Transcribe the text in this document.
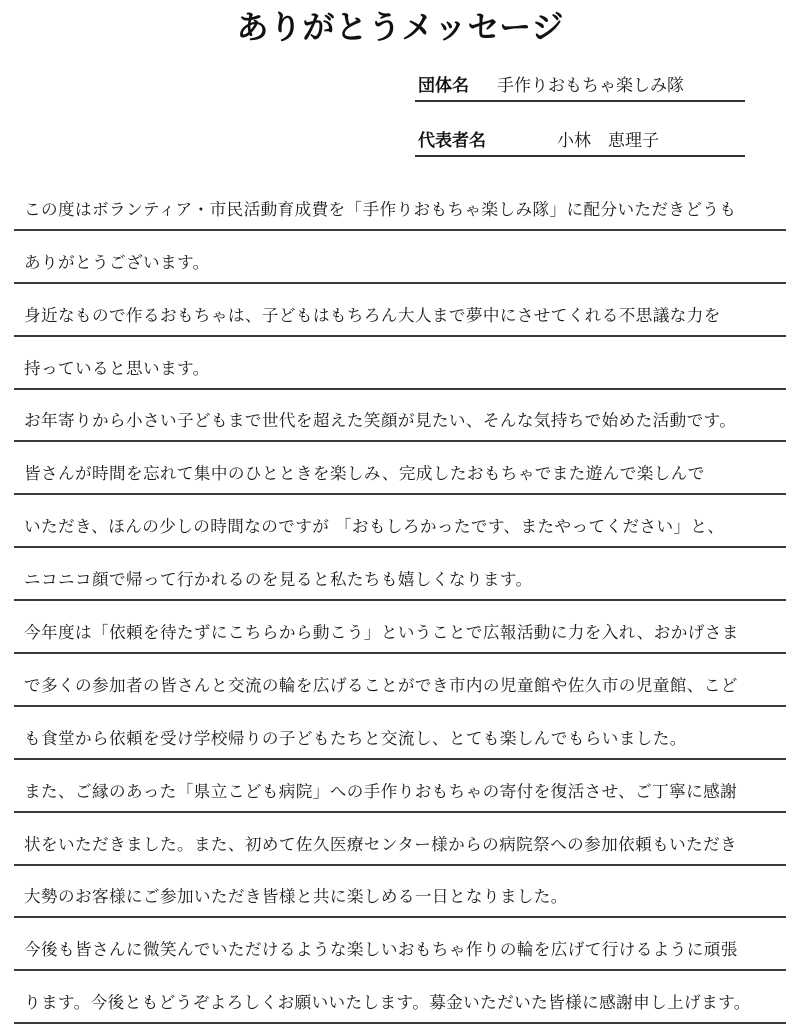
ありがとうメッセージ
団体名 手作りおもちゃ楽しみ隊
代表者名	小林　恵理子
この度はボランティア・市民活動育成費を「手作りおもちゃ楽しみ隊」に配分いただきどうも
ありがとうございます。
身近なもので作るおもちゃは、子どもはもちろん大人まで夢中にさせてくれる不思議な力を
持っていると思います。
お年寄りから小さい子どもまで世代を超えた笑顔が見たい、そんな気持ちで始めた活動です。
皆さんが時間を忘れて集中のひとときを楽しみ、完成したおもちゃでまた遊んで楽しんで
いただき、ほんの少しの時間なのですが 「おもしろかったです、またやってください」と、
ニコニコ顔で帰って行かれるのを見ると私たちも嬉しくなります。
今年度は「依頼を待たずにこちらから動こう」ということで広報活動に力を入れ、おかげさま
で多くの参加者の皆さんと交流の輪を広げることができ市内の児童館や佐久市の児童館、こど
も食堂から依頼を受け学校帰りの子どもたちと交流し、とても楽しんでもらいました。
また、ご縁のあった「県立こども病院」への手作りおもちゃの寄付を復活させ、ご丁寧に感謝
状をいただきました。また、初めて佐久医療センター様からの病院祭への参加依頼もいただき
大勢のお客様にご参加いただき皆様と共に楽しめる一日となりました。
今後も皆さんに微笑んでいただけるような楽しいおもちゃ作りの輪を広げて行けるように頑張
ります。今後ともどうぞよろしくお願いいたします。募金いただいた皆様に感謝申し上げます。
